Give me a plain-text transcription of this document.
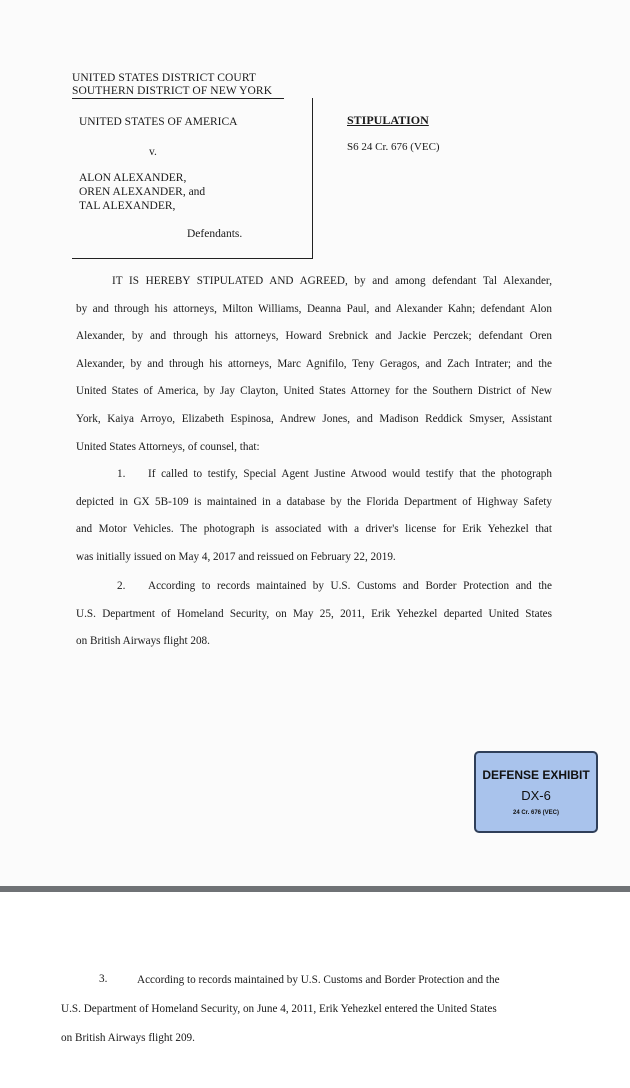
UNITED STATES DISTRICT COURT
SOUTHERN DISTRICT OF NEW YORK
UNITED STATES OF AMERICA
v.
ALON ALEXANDER,
OREN ALEXANDER, and
TAL ALEXANDER,
Defendants.
STIPULATION
S6 24 Cr. 676 (VEC)
IT IS HEREBY STIPULATED AND AGREED, by and among defendant Tal Alexander,
by and through his attorneys, Milton Williams, Deanna Paul, and Alexander Kahn; defendant Alon
Alexander, by and through his attorneys, Howard Srebnick and Jackie Perczek; defendant Oren
Alexander, by and through his attorneys, Marc Agnifilo, Teny Geragos, and Zach Intrater; and the
United States of America, by Jay Clayton, United States Attorney for the Southern District of New
York, Kaiya Arroyo, Elizabeth Espinosa, Andrew Jones, and Madison Reddick Smyser, Assistant
United States Attorneys, of counsel, that:
1.	If called to testify, Special Agent Justine Atwood would testify that the photograph
depicted in GX 5B-109 is maintained in a database by the Florida Department of Highway Safety
and Motor Vehicles. The photograph is associated with a driver's license for Erik Yehezkel that
was initially issued on May 4, 2017 and reissued on February 22, 2019.
2.	According to records maintained by U.S. Customs and Border Protection and the
U.S. Department of Homeland Security, on May 25, 2011, Erik Yehezkel departed United States
on British Airways flight 208.
DEFENSE EXHIBIT
DX-6
24 Cr. 676 (VEC)
3.	According to records maintained by U.S. Customs and Border Protection and the
U.S. Department of Homeland Security, on June 4, 2011, Erik Yehezkel entered the United States
on British Airways flight 209.
